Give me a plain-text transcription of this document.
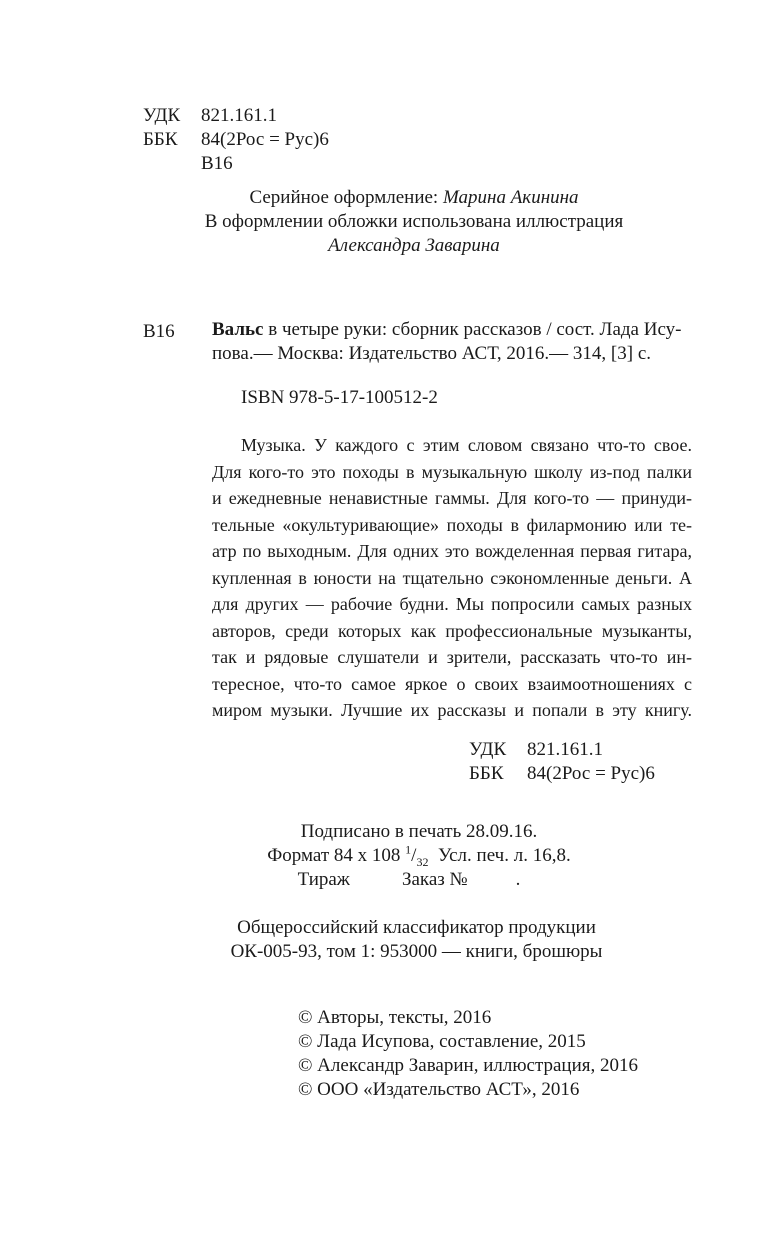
УДК	821.161.1
ББК	84(2Рос = Рус)6
В16
Серийное оформление: Марина Акинина
В оформлении обложки использована иллюстрация
Александра Заварина
В16 Вальс в четыре руки: сборник рассказов / сост. Лада Ису-
пова.— Москва: Издательство АСТ, 2016.— 314, [3] с.
ISBN 978-5-17-100512-2
Музыка. У каждого с этим словом связано что-то свое.
Для кого-то это походы в музыкальную школу из-под палки
и ежедневные ненавистные гаммы. Для кого-то — принуди-
тельные «окультуривающие» походы в филармонию или те-
атр по выходным. Для одних это вожделенная первая гитара,
купленная в юности на тщательно сэкономленные деньги. А
для других — рабочие будни. Мы попросили самых разных
авторов, среди которых как профессиональные музыканты,
так и рядовые слушатели и зрители, рассказать что-то ин-
тересное, что-то самое яркое о своих взаимоотношениях с
миром музыки. Лучшие их рассказы и попали в эту книгу.
УДК	821.161.1
ББК	84(2Рос = Рус)6
Подписано в печать 28.09.16.
Формат 84 x 108 $^1/_{32}$  Усл. печ. л. 16,8.
Тираж	Заказ №	.
Общероссийский классификатор продукции
ОК-005-93, том 1: 953000 — книги, брошюры
© Авторы, тексты, 2016
© Лада Исупова, составление, 2015
© Александр Заварин, иллюстрация, 2016
© ООО «Издательство АСТ», 2016
